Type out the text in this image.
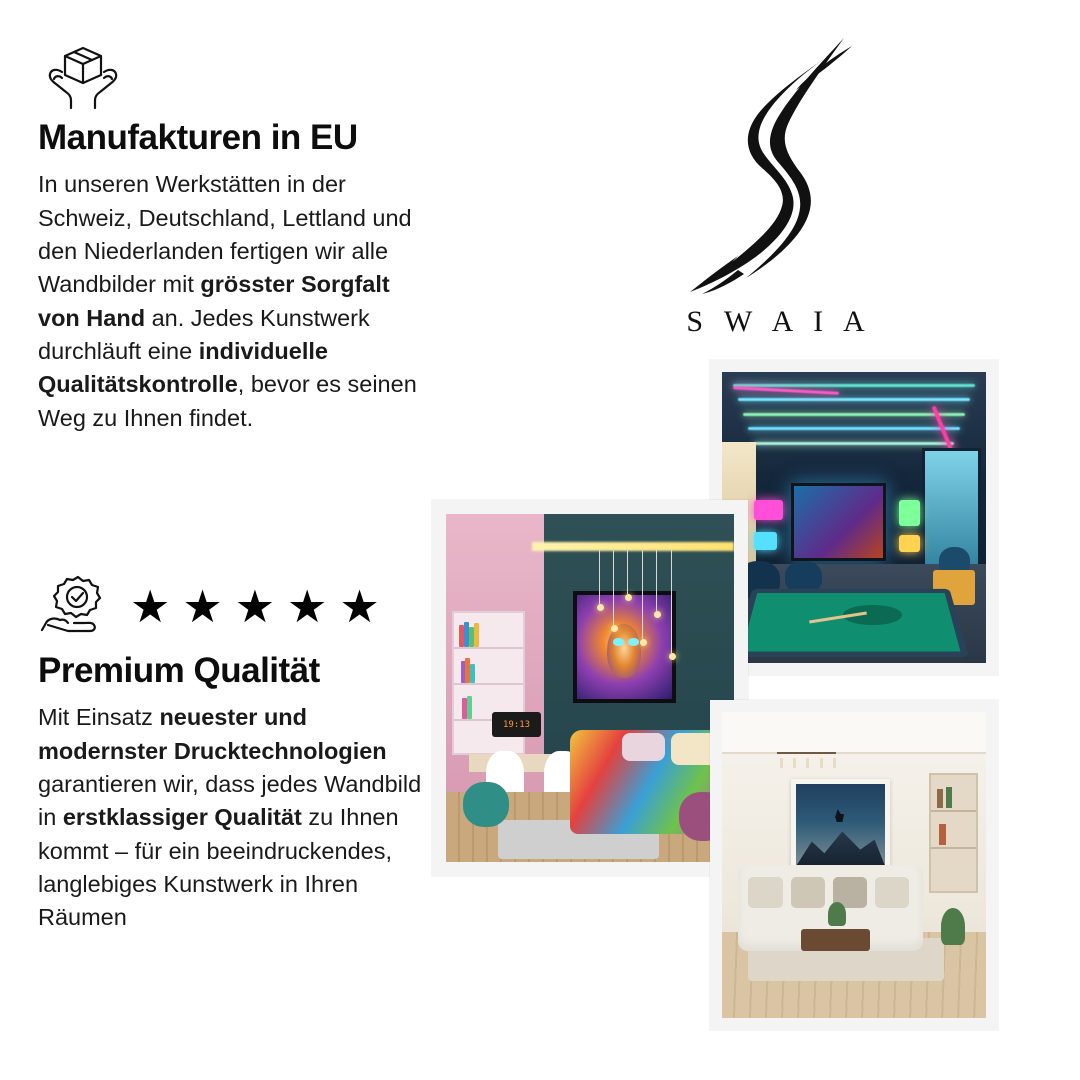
Manufakturen in EU

In unseren Werkstätten in der Schweiz, Deutschland, Lettland und den Niederlanden fertigen wir alle Wandbilder mit grösster Sorgfalt von Hand an. Jedes Kunstwerk durchläuft eine individuelle Qualitätskontrolle, bevor es seinen Weg zu Ihnen findet.

★ ★ ★ ★ ★
Premium Qualität

Mit Einsatz neuester und modernster Drucktechnologien garantieren wir, dass jedes Wandbild in erstklassiger Qualität zu Ihnen kommt – für ein beeindruckendes, langlebiges Kunstwerk in Ihren Räumen

S W A I A
19:13
